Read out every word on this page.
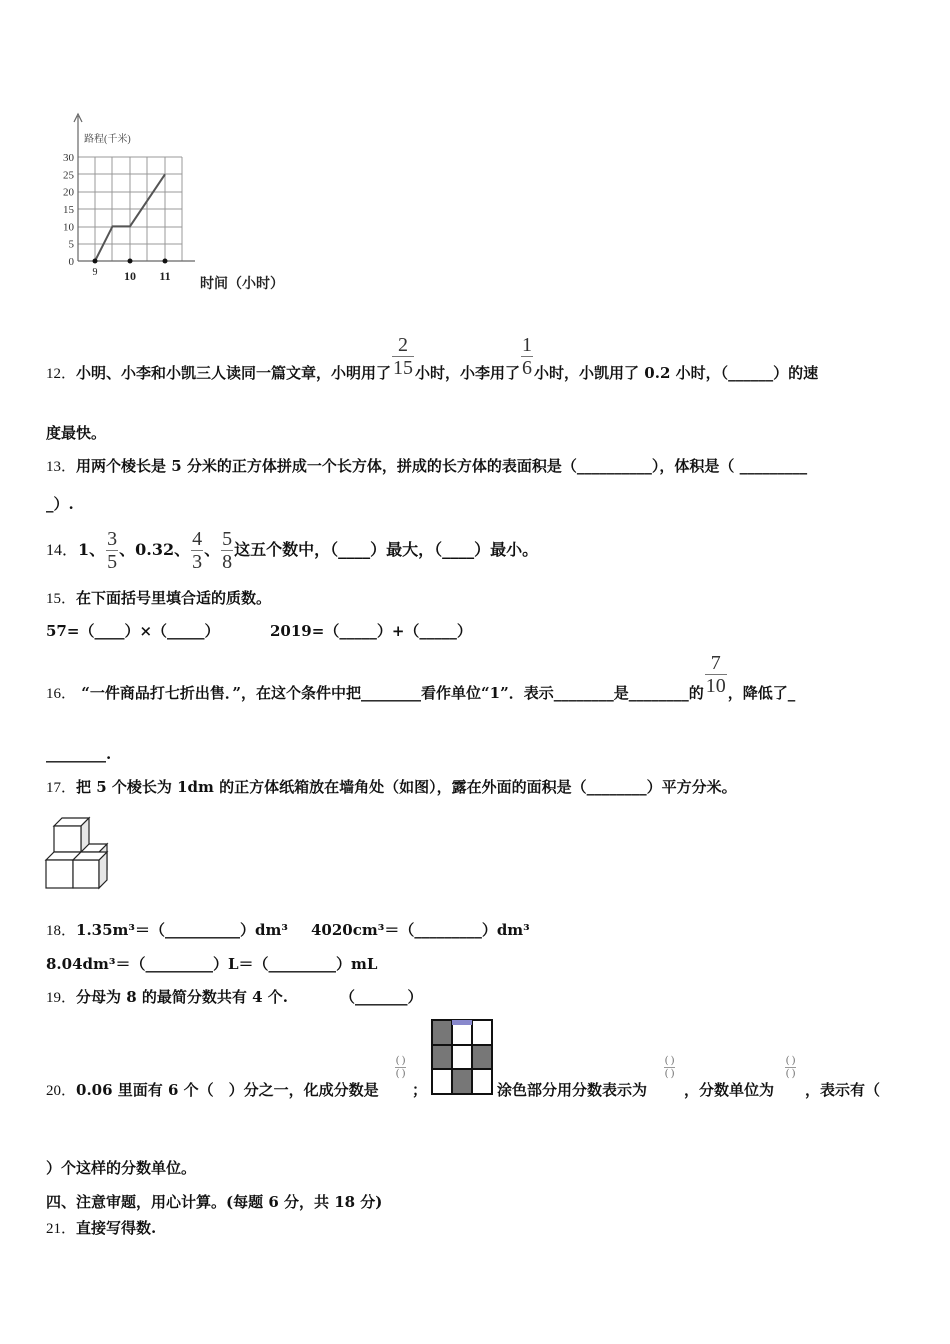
路程(千米)
30
25
20
15
10
5
0
9 10 11
时间（小时）
12．小明、小李和小凯三人读同一篇文章，小明用了 $\frac{2}{15}$ 小时，小李用了 $\frac{1}{6}$ 小时，小凯用了 0.2 小时，（______）的速
度最快。
13．用两个棱长是 5 分米的正方体拼成一个长方体，拼成的长方体的表面积是（__________），体积是（ _________
_）.
14．1、 $\frac{3}{5}$ 、0.32、 $\frac{4}{3}$ 、 $\frac{5}{8}$ 这五个数中，（____）最大，（____）最小。
15．在下面括号里填合适的质数。
57=（____）×（_____）	2019=（_____）+（_____）
16． “一件商品打七折出售．”，在这个条件中把________看作单位“1”．表示________是________的 $\frac{7}{10}$ ，降低了_
________.
17．把 5 个棱长为 1dm 的正方体纸箱放在墙角处（如图），露在外面的面积是（________）平方分米。
18．1.35m³＝（__________）dm³ 4020cm³＝（_________）dm³
8.04dm³＝（_________）L＝（_________）mL
19．分母为 8 的最简分数共有 4 个.	（_______）
20．0.06 里面有 6 个（　）分之一，化成分数是
( )
( )
；	涂色部分用分数表示为
( )
( )
，分数单位为
( )
( )
，表示有（
）个这样的分数单位。
四、注意审题，用心计算。(每题 6 分，共 18 分)
21．直接写得数.
